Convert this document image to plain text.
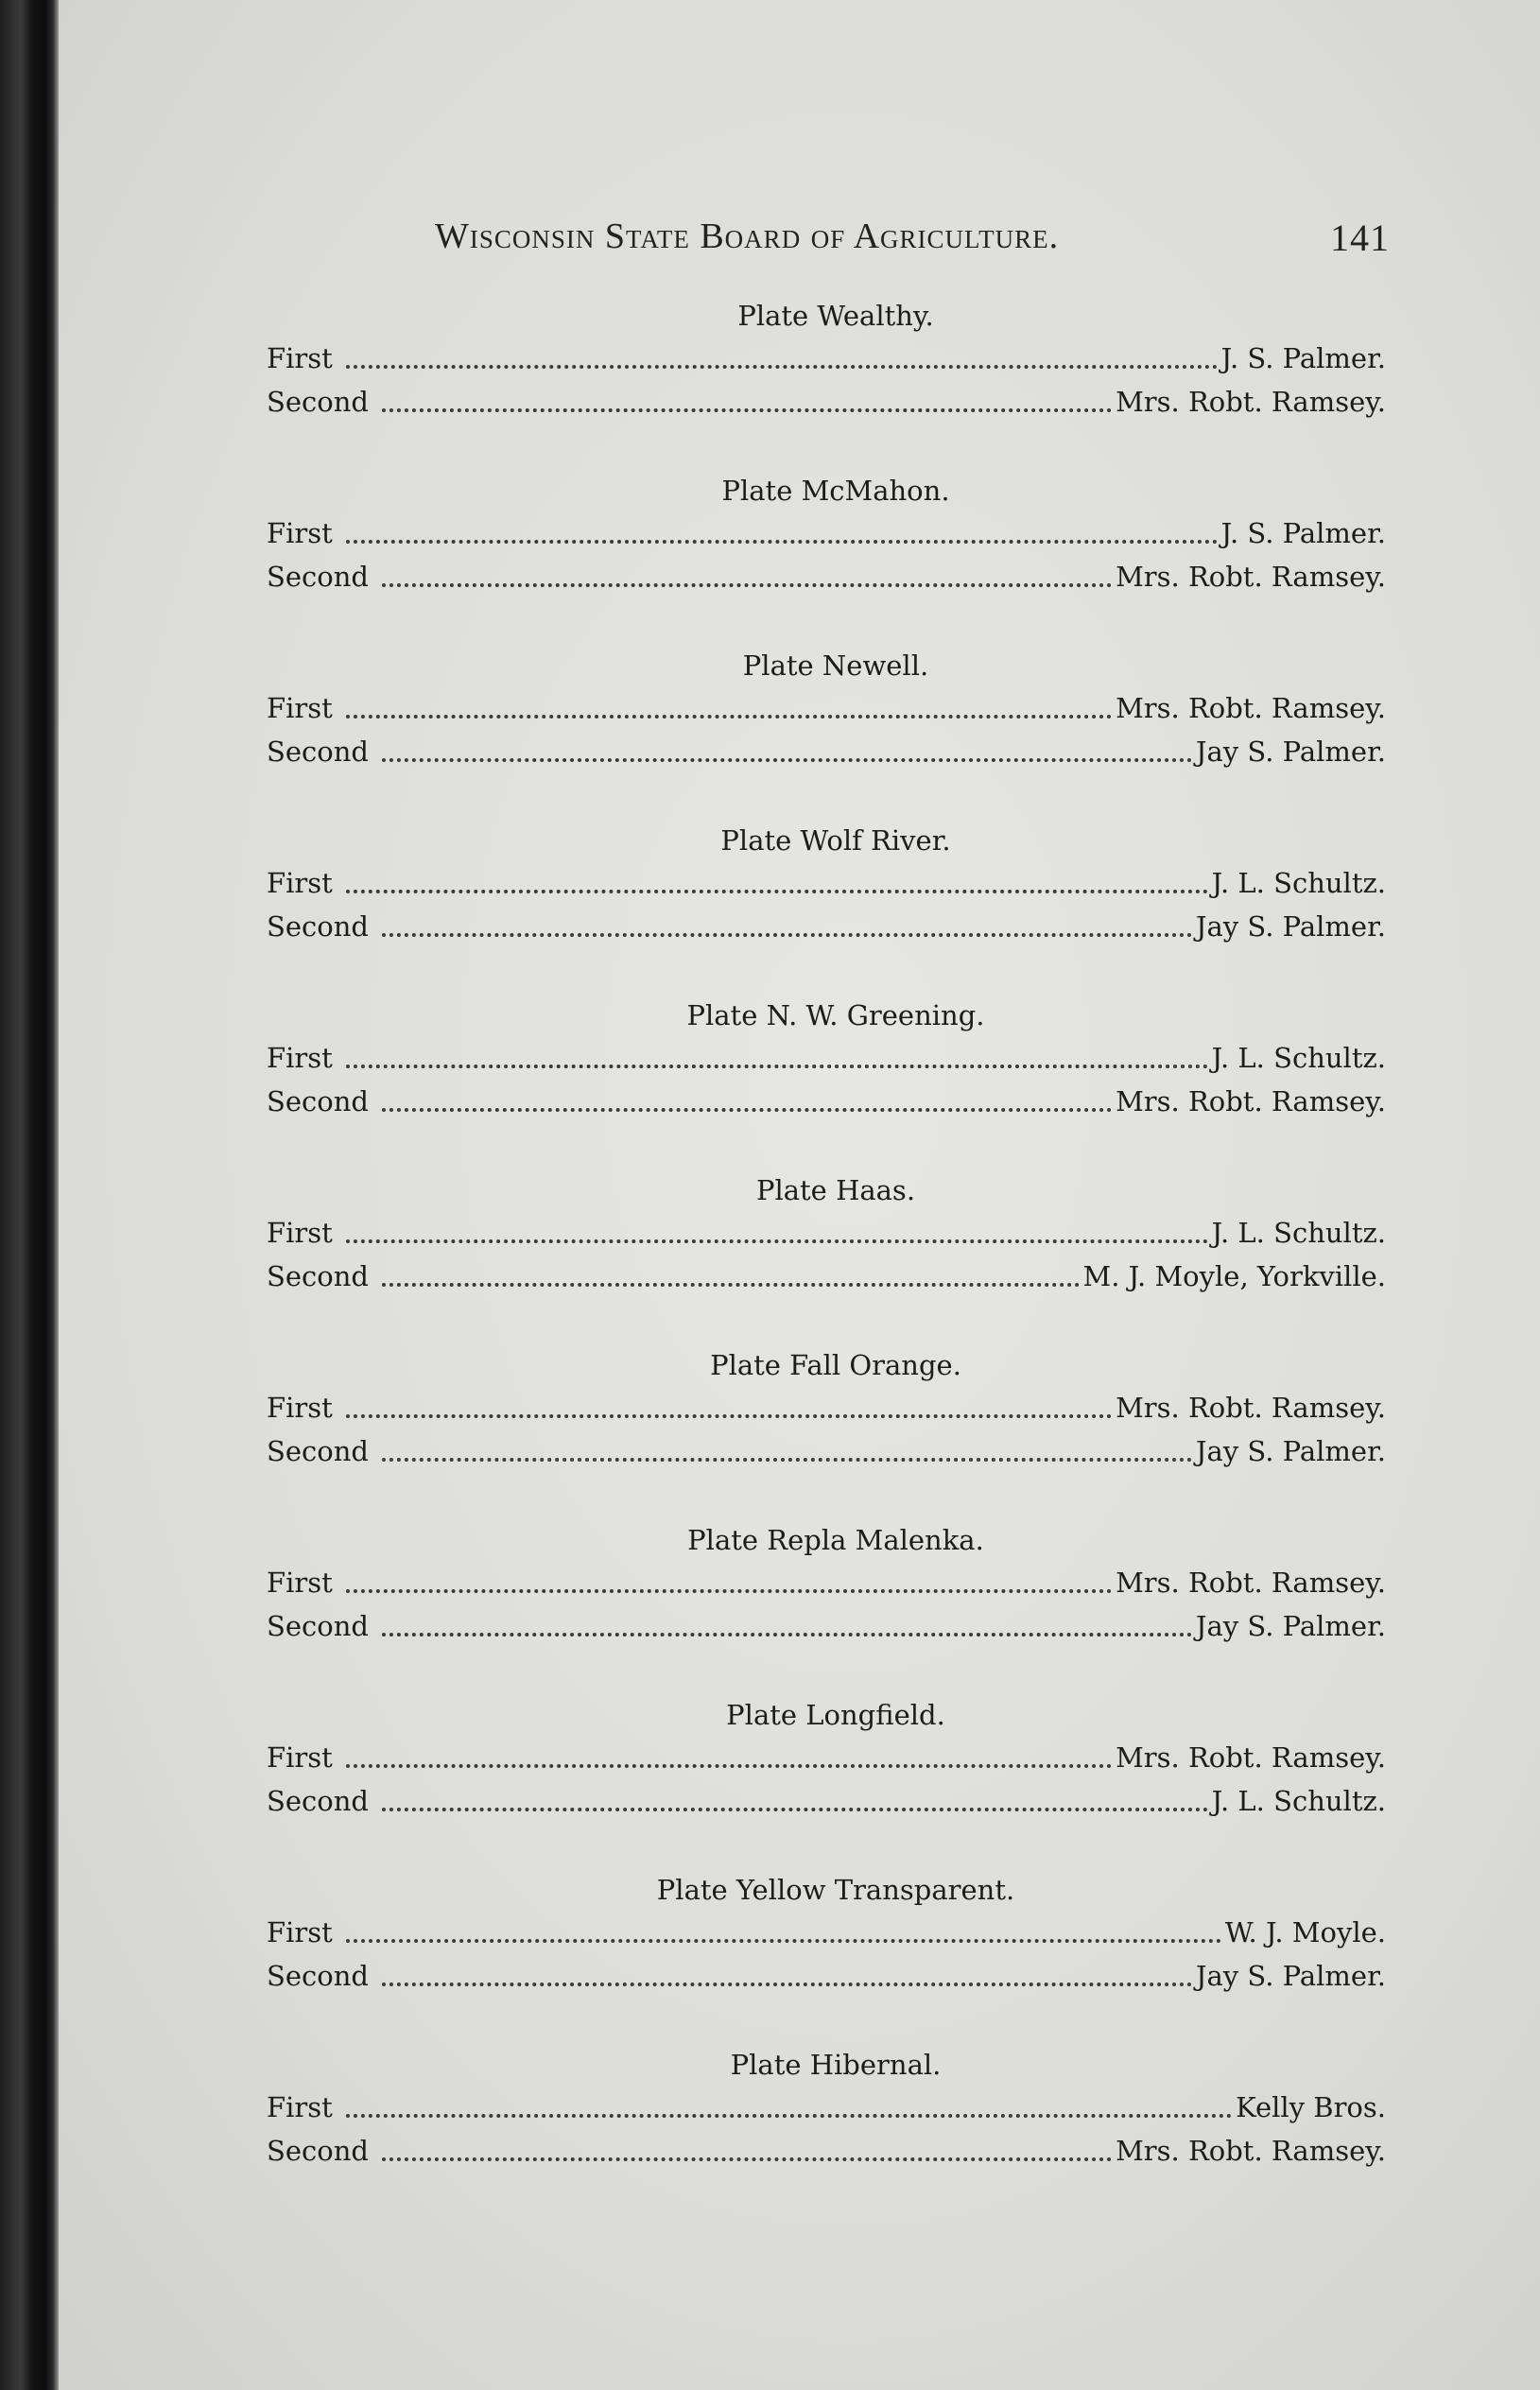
Wisconsin State Board of Agriculture.	141
Plate Wealthy.
First	J. S. Palmer.
Second	Mrs. Robt. Ramsey.
Plate McMahon.
First	J. S. Palmer.
Second	Mrs. Robt. Ramsey.
Plate Newell.
First	Mrs. Robt. Ramsey.
Second	Jay S. Palmer.
Plate Wolf River.
First	J. L. Schultz.
Second	Jay S. Palmer.
Plate N. W. Greening.
First	J. L. Schultz.
Second	Mrs. Robt. Ramsey.
Plate Haas.
First	J. L. Schultz.
Second	M. J. Moyle, Yorkville.
Plate Fall Orange.
First	Mrs. Robt. Ramsey.
Second	Jay S. Palmer.
Plate Repla Malenka.
First	Mrs. Robt. Ramsey.
Second	Jay S. Palmer.
Plate Longfield.
First	Mrs. Robt. Ramsey.
Second	J. L. Schultz.
Plate Yellow Transparent.
First	W. J. Moyle.
Second	Jay S. Palmer.
Plate Hibernal.
First	Kelly Bros.
Second	Mrs. Robt. Ramsey.
